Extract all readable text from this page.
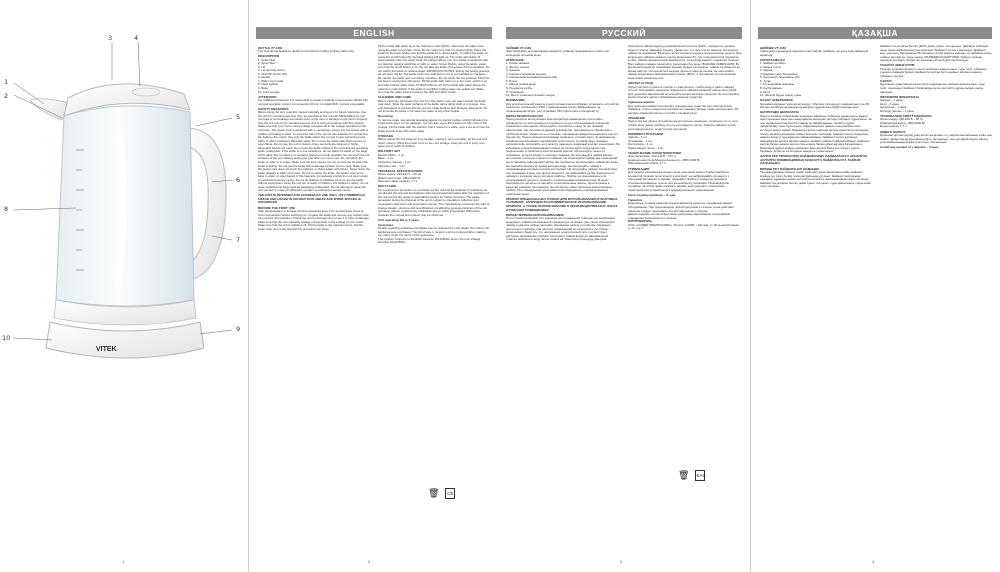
VITEK
1
2
3	4
5
6
7
8
9
10
1
ENGLISH	РУССКИЙ

KETTLE VT-1181

The heat tinting appliance (kettle) is intended for boiling drinking water only.

DESCRIPTION

1. Kettle flask

2. Spout filter

3. Lid

4. Lid opening button

5. ON/OFF button (0/I)

6. Handle

7. Water level scale

8. Flask lighting

9. Base

10. Cord storage

ATTENTION!

For additional protection it is reasonable to install a residual current device (RCD) with nominal operation current not exceeding 30 mA; to install RCD, contact a specialist.

SAFETY MEASURES

Before using the unit, read this manual carefully and keep it for future reference. Use the unit for intended purposes only, as specified in this manual. Mishandling the unit can lead to its breakage and cause harm to the user or damage to the user's property. Use the unit only for its intended purpose and in strict accordance with this manual. Make sure that your home mains voltage corresponds to the voltage specified on the unit base. The power cord is equipped with a «europlug»; plug it into the socket with a reliable grounding contact. To avoid the risk of fire, do not use adapters for connecting the kettle to the mains. Use only the kettle stand. Do not use it near swimming pools, baths or other containers filled with water. Do not use the kettle near heat sources or open flame. Do not use the unit in places where aerosols are sprayed or highly flammable liquids are used. Do not use the kettle outdoors. Do not leave the operating kettle unattended. If the kettle is in use elsewhere, do not place the kettle on the edge of the table. Do not place it on surfaces that are not heat resistant. Do not touch the hot surfaces of the unit. Always unplug the unit when it is not in use. Do not switch the kettle on when it is empty. Make sure the lid is closed. Do not remove the lid when the water is boiling. Do not use the kettle with a damaged power cord or plug. Make sure the power cord does not touch hot surfaces or sharp edges of furniture. Never leave the kettle plugged in when not in use. Do not immerse the kettle, the power cord or the base in water or other liquids. If this happens, immediately unplug the unit and contact an authorized service center. Do not let children or disabled persons use the kettle without supervision. Keep the unit out of reach of children. For children's safety, do not leave polyethylene bags used as packaging unattended. Do not attempt to repair the unit yourself. In case of malfunction contact an authorized service center.

THE UNIT IS INTENDED FOR HOUSEHOLD USE ONLY. ITS COMMERCIAL USAGE AND USAGE IN PRODUCTION AREAS AND WORK SPACES IS PROHIBITED.

BEFORE THE FIRST USE

After transportation or storage at low temperature keep it for at least three hours at room temperature before switching on. Unpack the kettle and remove any stickers that can prevent unit operation. Check the unit for damage; do not use it in case of damage. Make sure that the unit operating voltage corresponds to the voltage of your mains. Make sure that the unit is switched off. Fill the kettle to the maximum level, boil the water, then pour it out. Repeat this procedure two times.

Fill the kettle with water up to the maximum mark (MAX); determine the water level using the water level scale. Close the lid; make sure that it is closed tightly. Place the kettle on the base. Make sure that the kettle lid is closed tightly. To switch the kettle on, press the on/off button (5), the flask lighting will light up. The kettle will switch off automatically when the water boils, the lighting will go out. Your kettle is equipped with a protection against switching on with no water. Notes: Before using the kettle, make sure that the on/off button is on. Do not take the kettle off the base during operation. Do not switch the kettle on without water. IMPORTANT NOTES: During the boiling process, do not open the lid. The kettle cannot be switched on if it is not installed on the base. Be careful, the kettle gets hot during operation. Do not touch the hot surfaces. Mind the hot steam coming from the spout. Fill the kettle with water up to the mark, switch it on, and wait until the water boils. ATTENTION! Do not fill the kettle with water above the maximum mark (MAX). If the kettle is overfilled, boiling water can splash out. Make sure that the water level is between the MIN and MAX marks.

CLEANING AND CARE

Before cleaning, disconnect the unit from the mains, pour out water and let the kettle cool down. Wipe the outer surfaces of the kettle with a damp cloth or a sponge. Use soft detergents to remove dirt. Do not use metal brushes and abrasive detergents. Do not immerse the kettle or its base into water or any other liquids.

Descaling

To remove scale, use special descaling agents for electric kettles, strictly following the instructions given on the package. You can also use a 3% solution of citric acid or 9% vinegar. Fill the kettle with the solution, boil it, leave for a while, pour it out and rinse the kettle several times with clean water.

STORAGE

Before taking the unit away for long storage, unplug it, pour out water, let the unit cool down, clean it. Wind the power cord on the cord storage. Keep the unit in a dry cool place out of reach of children.

DELIVERY SET

Electric kettle – 1 pc.

Base – 1 pc.

Instruction manual – 1 pc.

Warranty card – 1 pc.

TECHNICAL SPECIFICATIONS

Power supply: 220-240 V ~ 50 Hz

Rated input power: 1850-2200 W

Maximum water capacity: 1.7 L

RECYCLING

For environment protection do not throw out the unit and the batteries (if included), do not discard the unit and the batteries with usual household waste after the expiration of the unit service life, apply to specialized centers for further recycling. The waste generated during the disposal of the unit is subject to mandatory collection and consequent disposal in the prescribed manner. The manufacturer preserves the right to change design, structure and specifications not affecting general principles of the unit operation without a preliminary notification due to which insignificant differences between the manual and product may be observed.

Unit operating life is 3 years

Guarantee

Details regarding guarantee conditions can be obtained from the dealer from whom the appliance was purchased. The bill of sale or receipt must be produced when making any claim under the terms of this guarantee.

This product conforms to the EMC Directive 2014/30/EU and to the Low Voltage Directive 2014/35/EU.

ЧАЙНИК VT-1181

Электроприбор для нагревания жидкости (чайник) предназначен только для кипячения питьевой воды.

ОПИСАНИЕ

1. Колба чайника

2. Фильтр носика

3. Крышка

4. Кнопка открывания крышки

5. Кнопка включения/выключения (0/I)

6. Ручка

7. Шкала уровня воды

8. Подсветка колбы

9. Основание

10. Место хранения сетевого шнура

ВНИМАНИЕ!

Для дополнительной защиты в цепи питания целесообразно установить устройство защитного отключения (УЗО) с номинальным током срабатывания, не превышающим 30 мА; для установки УЗО обратитесь к специалисту.

МЕРЫ БЕЗОПАСНОСТИ

Перед началом эксплуатации электроприбора внимательно прочитайте руководство по эксплуатации и сохраните его для использования в качестве справочного материала. Используйте устройство только по его прямому назначению, как изложено в данном руководстве. Неправильное обращение с прибором может привести к его поломке, причинению вреда пользователю или его имуществу. Перед первым включением проверьте, соответствует ли напряжение, указанное на основании, напряжению электросети. Сетевой шнур оснащён «евровилкой»; включайте её в розетку, имеющую надёжный контакт заземления. Во избежание риска возникновения пожара не используйте переходники при подключении устройства к электрической розетке. Используйте только то основание, которое входит в комплект чайника. Не используйте чайник вблизи источников тепла или открытого пламени. Не используйте прибор вне помещений. Не оставляйте работающий прибор без присмотра. Не включайте чайник без воды. Не снимайте крышку во время кипения воды. Не используйте чайник с повреждённым сетевым шнуром или вилкой. Не погружайте чайник, сетевой шнур или основание в воду или другие жидкости. Не разрешайте детям прикасаться к чайнику и сетевому шнуру во время работы. Прибор не предназначен для использования детьми и людьми с ограниченными возможностями. В целях безопасности детей не оставляйте полиэтиленовые пакеты, используемые в качестве упаковки, без надзора. Не пытайтесь самостоятельно ремонтировать прибор. При обнаружении неисправностей обращайтесь в авторизованный сервисный центр.

ПРИБОР ПРЕДНАЗНАЧЕН ТОЛЬКО ДЛЯ ИСПОЛЬЗОВАНИЯ В БЫТОВЫХ УСЛОВИЯХ. ЗАПРЕЩАЕТСЯ КОММЕРЧЕСКОЕ ИСПОЛЬЗОВАНИЕ ПРИБОРА, А ТАКЖЕ ИСПОЛЬЗОВАНИЕ В ПРОИЗВОДСТВЕННЫХ ЗОНАХ И РАБОЧИХ ПОМЕЩЕНИЯХ.

ПЕРЕД ПЕРВЫМ ИСПОЛЬЗОВАНИЕМ

После транспортировки или хранения при пониженной температуре необходимо выдержать чайник при комнатной температуре не менее трёх часов. Распакуйте чайник и удалите любые наклейки, мешающие работе устройства. Проверьте целостность прибора, при наличии повреждений не пользуйтесь им. Перед включением убедитесь, что напряжение электрической сети соответствует рабочему напряжению прибора. Наполните чайник водой до максимальной отметки, вскипятите воду, затем слейте её. Повторите процедуру два раза.

Наполните чайник водой до максимальной отметки (MAX), определите уровень воды по шкале. Закройте крышку, убедитесь, что она плотно закрыта. Установите чайник на основание. Включите вилку сетевого шнура в электрическую розетку. Для включения чайника нажмите кнопку включения (5), при этом включится подсветка колбы. Чайник автоматически выключится, когда вода закипит, подсветка погаснет. Ваш чайник оснащён защитой от включения без воды. ВАЖНЫЕ ЗАМЕЧАНИЯ: Во время кипячения не открывайте крышку. Будьте осторожны, чайник нагревается во время работы. Остерегайтесь выхода горячего пара из носика. Не наполняйте чайник водой выше максимальной отметки (MAX), в противном случае кипящая вода может выплеснуться.

ЧИСТКА И УХОД

Перед чисткой отключите прибор от электросети, слейте воду и дайте чайнику остыть. Протирайте наружную поверхность чайника влажной тканью или губкой. Для удаления загрязнений используйте мягкие моющие средства. Не используйте металлические щётки и абразивные моющие средства.

Удаление накипи

Для удаления накипи используйте специальные средства для электрических чайников, строго следуя инструкциям на упаковке. Можно также использовать 3% раствор лимонной кислоты или 9% столовый уксус.

ХРАНЕНИЕ

Перед тем как убрать устройство на длительное хранение, отключите его от сети, слейте воду, дайте прибору остыть и проведите чистку. Храните чайник в сухом прохладном месте, недоступном для детей.

КОМПЛЕКТ ПОСТАВКИ

Чайник – 1 шт.

Основание – 1 шт.

Инструкция – 1 шт.

Гарантийный талон – 1 шт.

ТЕХНИЧЕСКИЕ ХАРАКТЕРИСТИКИ

Электропитание: 220-240 В ~ 50 Гц

Номинальная потребляемая мощность: 1850-2200 Вт

Максимальный объём: 1,7 л

УТИЛИЗАЦИЯ

Для защиты окружающей среды после окончания срока службы прибора и элементов питания (если входят в комплект) не выбрасывайте их вместе с обычными бытовыми отходами, передайте прибор и элементы питания в специализированные пункты для дальнейшей утилизации. Производитель оставляет за собой право изменять дизайн, конструкцию и технические характеристики устройства без предварительного уведомления.

Срок службы прибора – 3 года

Гарантия

Подробные условия гарантии предоставляются дилером, продавшим данное оборудование. При предъявлении любой претензии в течение срока действия гарантии следует предъявить чек или квитанцию о покупке.

Данное изделие соответствует всем требуемым европейским и российским стандартам безопасности и гигиены.

ИЗГОТОВИТЕЛЬ:

ООО «ГОЛДЕР ЭЛЕКТРОНИКС», Россия, 119180, г. Москва, ул. Большая Полянка, д. 41, стр. 1

🗑	CE
🗑 EAC
2	3
ҚАЗАҚША

ШӘЙНЕК VT-1181

Сұйықтықты қыздыруға арналған электраспап (шәйнек) тек ауыз суды қайнатуға арналған.

СИПАТТАМАСЫ

1. Шәйнек колбасы

2. Шүмек сүзгісі

3. Қақпақ

4. Қақпақты ашу батырмасы

5. Қосу/өшіру батырмасы (0/I)

6. Тұтқа

7. Су деңгейінің шкаласы

8. Колба жарығы

9. Негіз

10. Желілік бауды сақтау орны

НАЗАР АУДАРЫҢЫЗ!

Қосымша қорғаныс үшін қоректендіру тізбегінде іске қосылу номиналдық тогы 30 мА-ден аспайтын қорғаныштық ажырату құрылғысын (ҚАҚ) орнатқан жөн.

ҚАУІПСІЗДІК ШАРАЛАРЫ

Электр аспабын пайдаланар алдында пайдалану бойынша нұсқаулықты мұқият оқып шығыңыз және оны анықтамалық материал ретінде сақтаңыз. Құрылғыны тек осы нұсқаулықта көрсетілген мақсатта пайдаланыңыз. Аспапты дұрыс пайдаланбау оның бұзылуына, пайдаланушыға немесе оның мүлкіне зиян келтіруге әкелуі мүмкін. Бірінші рет қосар алдында негізде көрсетілген кернеудің электр желісінің кернеуіне сәйкес келетінін тексеріңіз. Шәйнекті жылу көздерінің немесе ашық оттың жанында пайдаланбаңыз. Шәйнекті сусыз қоспаңыз. Зақымдалған желілік баумен немесе ашамен шәйнекті пайдаланбаңыз. Шәйнекті, желілік бауды немесе негізді суға немесе басқа сұйықтықтарға батырмаңыз. Балаларға жұмыс кезінде шәйнекке және желілік бауға қол тигізуге рұқсат бермеңіз. Аспапты өз бетіңізше жөндеуге тырыспаңыз.

АСПАП ТЕК ТҰРМЫСТЫҚ ЖАҒДАЙЛАРДА ПАЙДАЛАНУҒА АРНАЛҒАН. АСПАПТЫ КОММЕРЦИЯЛЫҚ МАҚСАТТА ПАЙДАЛАНУҒА ТЫЙЫМ САЛЫНАДЫ.

БІРІНШІ РЕТ ПАЙДАЛАНАР АЛДЫНДА

Тасымалдағаннан немесе төмен температурада сақтағаннан кейін шәйнекті кемінде үш сағат бөлме температурасында ұстаңыз. Шәйнекті қаптамадан шығарып, жұмысқа кедергі келтіретін кез келген жапсырмаларды алып тастаңыз. Шәйнекті ең жоғарғы белгіге дейін сумен толтырып, суды қайнатыңыз, содан кейін төгіп тастаңыз.

Шәйнекті ең жоғарғы белгіге (MAX) дейін сумен толтырыңыз. Қақпақты жабыңыз, оның тығыз жабылғанына көз жеткізіңіз. Шәйнекті негізге орнатыңыз. Шәйнекті қосу үшін қосу батырмасын (5) басыңыз, колба жарығы жанады. Су қайнаған кезде шәйнек автоматты түрде сөнеді. МАҢЫЗДЫ ЕСКЕРТУЛЕР: Қайнату кезінде қақпақты ашпаңыз. Шүмектен шығатын ыстық будан сақ болыңыз.

ТАЗАЛАУ ЖӘНЕ КҮТІМ

Тазалау алдында аспапты электр желісінен ажыратыңыз, суды төгіп, шәйнекке суынуға мүмкіндік беріңіз. Шәйнектің сыртқы бетін дымқыл матамен немесе губкамен сүртіңіз.

САҚТАУ

Құрылғыны ұзақ сақтауға алып қояр алдында оны желіден ажыратыңыз, суды төгіп, тазалаңыз. Шәйнекті балалардың қолы жетпейтін құрғақ салқын жерде сақтаңыз.

ЖЕТКІЗІЛІМ ЖИЫНТЫҒЫ

Шәйнек – 1 дана

Негіз – 1 дана

Нұсқаулық – 1 дана

Кепілдік талоны – 1 дана

ТЕХНИКАЛЫҚ СИПАТТАМАЛАРЫ

Қоректендіру: 220-240 В ~ 50 Гц

Номиналдық қуаты: 1850-2200 Вт

Ең көп көлемі: 1,7 л

КӘДЕГЕ ЖАРАТУ

Қоршаған ортаны қорғау үшін аспаптың қызмет ету мерзімі аяқталғаннан кейін оны кәдімгі тұрмыстық қалдықтармен бірге тастамаңыз, оны әрі қарай кәдеге жарату үшін мамандандырылған пункттерге тапсырыңыз.

Аспаптың қызмет ету мерзімі – 3 жыл

4
